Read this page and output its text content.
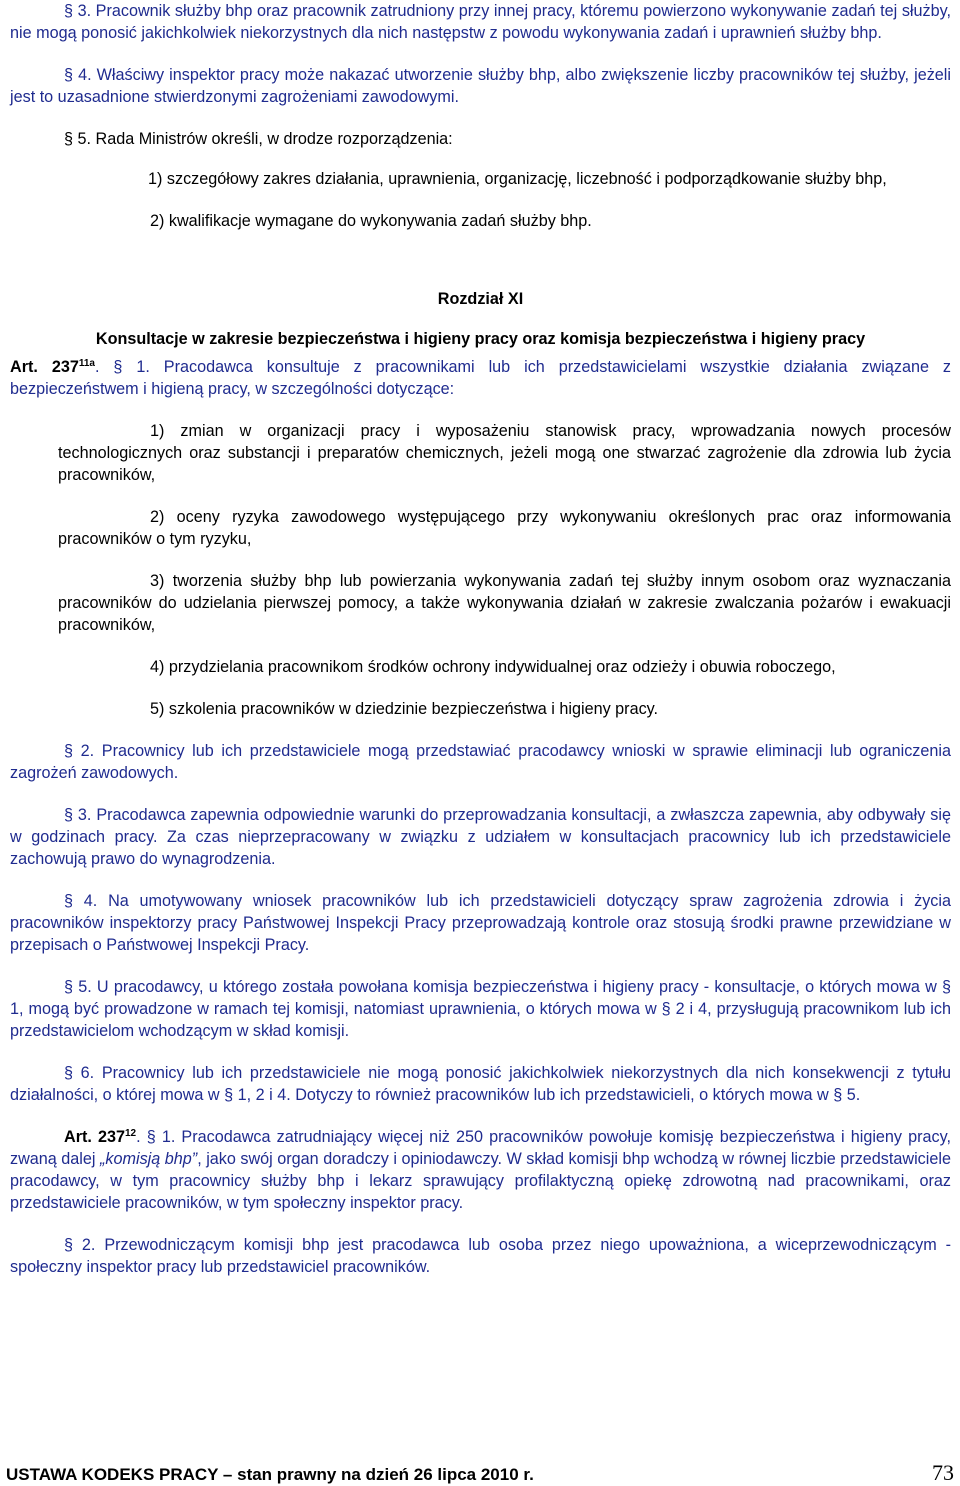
§ 3. Pracownik służby bhp oraz pracownik zatrudniony przy innej pracy, któremu powierzono wykonywanie zadań tej służby, nie mogą ponosić jakichkolwiek niekorzystnych dla nich następstw z powodu wykonywania zadań i uprawnień służby bhp.

§ 4. Właściwy inspektor pracy może nakazać utworzenie służby bhp, albo zwiększenie liczby pracowników tej służby, jeżeli jest to uzasadnione stwierdzonymi zagrożeniami zawodowymi.

§ 5. Rada Ministrów określi, w drodze rozporządzenia:

1) szczegółowy zakres działania, uprawnienia, organizację, liczebność i podporządkowanie służby bhp,

2) kwalifikacje wymagane do wykonywania zadań służby bhp.

Rozdział XI
Konsultacje w zakresie bezpieczeństwa i higieny pracy oraz komisja bezpieczeństwa i higieny pracy

Art. $237^{11a}$. § 1. Pracodawca konsultuje z pracownikami lub ich przedstawicielami wszystkie działania związane z bezpieczeństwem i higieną pracy, w szczególności dotyczące:

1) zmian w organizacji pracy i wyposażeniu stanowisk pracy, wprowadzania nowych procesów technologicznych oraz substancji i preparatów chemicznych, jeżeli mogą one stwarzać zagrożenie dla zdrowia lub życia pracowników,

2) oceny ryzyka zawodowego występującego przy wykonywaniu określonych prac oraz informowania pracowników o tym ryzyku,

3) tworzenia służby bhp lub powierzania wykonywania zadań tej służby innym osobom oraz wyznaczania pracowników do udzielania pierwszej pomocy, a także wykonywania działań w zakresie zwalczania pożarów i ewakuacji pracowników,

4) przydzielania pracownikom środków ochrony indywidualnej oraz odzieży i obuwia roboczego,

5) szkolenia pracowników w dziedzinie bezpieczeństwa i higieny pracy.

§ 2. Pracownicy lub ich przedstawiciele mogą przedstawiać pracodawcy wnioski w sprawie eliminacji lub ograniczenia zagrożeń zawodowych.

§ 3. Pracodawca zapewnia odpowiednie warunki do przeprowadzania konsultacji, a zwłaszcza zapewnia, aby odbywały się w godzinach pracy. Za czas nieprzepracowany w związku z udziałem w konsultacjach pracownicy lub ich przedstawiciele zachowują prawo do wynagrodzenia.

§ 4. Na umotywowany wniosek pracowników lub ich przedstawicieli dotyczący spraw zagrożenia zdrowia i życia pracowników inspektorzy pracy Państwowej Inspekcji Pracy przeprowadzają kontrole oraz stosują środki prawne przewidziane w przepisach o Państwowej Inspekcji Pracy.

§ 5. U pracodawcy, u którego została powołana komisja bezpieczeństwa i higieny pracy - konsultacje, o których mowa w § 1, mogą być prowadzone w ramach tej komisji, natomiast uprawnienia, o których mowa w § 2 i 4, przysługują pracownikom lub ich przedstawicielom wchodzącym w skład komisji.

§ 6. Pracownicy lub ich przedstawiciele nie mogą ponosić jakichkolwiek niekorzystnych dla nich konsekwencji z tytułu działalności, o której mowa w § 1, 2 i 4. Dotyczy to również pracowników lub ich przedstawicieli, o których mowa w § 5.

Art. $237^{12}$. § 1. Pracodawca zatrudniający więcej niż 250 pracowników powołuje komisję bezpieczeństwa i higieny pracy, zwaną dalej „komisją bhp”, jako swój organ doradczy i opiniodawczy. W skład komisji bhp wchodzą w równej liczbie przedstawiciele pracodawcy, w tym pracownicy służby bhp i lekarz sprawujący profilaktyczną opiekę zdrowotną nad pracownikami, oraz przedstawiciele pracowników, w tym społeczny inspektor pracy.

§ 2. Przewodniczącym komisji bhp jest pracodawca lub osoba przez niego upoważniona, a wiceprzewodniczącym - społeczny inspektor pracy lub przedstawiciel pracowników.

USTAWA KODEKS PRACY – stan prawny na dzień 26 lipca 2010 r.	73
